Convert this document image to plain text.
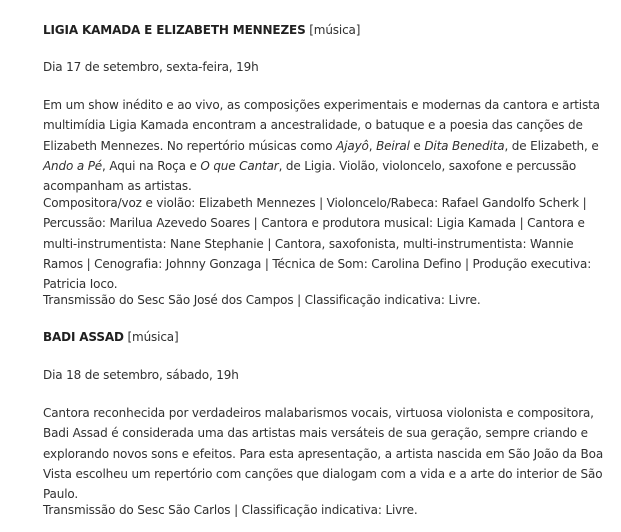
LIGIA KAMADA E ELIZABETH MENNEZES [música]

Dia 17 de setembro, sexta-feira, 19h

Em um show inédito e ao vivo, as composições experimentais e modernas da cantora e artista multimídia Ligia Kamada encontram a ancestralidade, o batuque e a poesia das canções de Elizabeth Mennezes. No repertório músicas como Ajayô, Beiral e Dita Benedita, de Elizabeth, e Ando a Pé, Aqui na Roça e O que Cantar, de Ligia. Violão, violoncelo, saxofone e percussão acompanham as artistas.

Compositora/voz e violão: Elizabeth Mennezes | Violoncelo/Rabeca: Rafael Gandolfo Scherk | Percussão: Marilua Azevedo Soares | Cantora e produtora musical: Ligia Kamada | Cantora e multi-instrumentista: Nane Stephanie | Cantora, saxofonista, multi-instrumentista: Wannie Ramos | Cenografia: Johnny Gonzaga | Técnica de Som: Carolina Defino | Produção executiva: Patricia Ioco.

Transmissão do Sesc São José dos Campos | Classificação indicativa: Livre.

BADI ASSAD [música]

Dia 18 de setembro, sábado, 19h

Cantora reconhecida por verdadeiros malabarismos vocais, virtuosa violonista e compositora, Badi Assad é considerada uma das artistas mais versáteis de sua geração, sempre criando e explorando novos sons e efeitos. Para esta apresentação, a artista nascida em São João da Boa Vista escolheu um repertório com canções que dialogam com a vida e a arte do interior de São Paulo.

Transmissão do Sesc São Carlos | Classificação indicativa: Livre.
